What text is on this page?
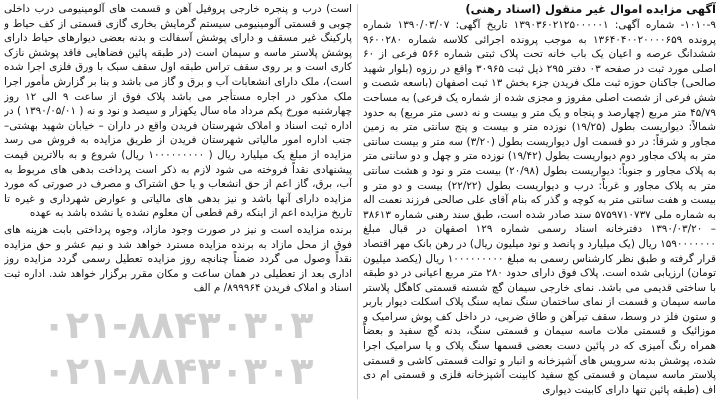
آگهی مزایده اموال غیر منقول (اسناد رهنی)

۱۰۱۰-۹- شماره آگهی: ۱۳۹۰۳۶۰۲۱۲۵۰۰۰۰۰۱ تاریخ آگهی: ۱۳۹۰/۰۳/۰۷ شماره پرونده ۱۳۶۴۰۴۰۰۲۰۰۰۰۶۵۹ به موجب پرونده اجرائی کلاسه شماره ۹۶۰۰۲۸۰ ششدانگ عرصه و اعیان یک باب خانه تحت پلاک ثبتی شماره ۵۶۶ فرعی از ۶۰ اصلی مورد ثبت در صفحه ۰۳ دفتر ۲۹۵ ذیل ثبت ۳۰۹۶۵ واقع در رزوه (بلوار شهید صالحی) جاکنان حوزه ثبت ملک فریدن جزء بخش ۱۳ ثبت اصفهان (باسعه شصت و شش فرعی از شصت اصلی مفروز و مجزی شده از شماره یک فرعی) به مساحت ۴۵/۷۹ متر مربع (چهارصد و پنجاه و یک متر و بیست و نه دسی متر مربع) به حدود شمالاً: دیواریست بطول (۱۹/۲۵) نوزده متر و بیست و پنج سانتی متر به زمین مجاور و شرقاً: در دو قسمت اول دیواریست بطول (۳/۲۰) سه متر و بیست سانتی متر به پلاک مجاور دوم دیواریست بطول (۱۹/۴۲) نوزده متر و چهل و دو سانتی متر به پلاک مجاور و جنوباً: دیواریست بطول (۲۰/۹۸) بیست متر و نود و هشت سانتی متر به پلاک مجاور و غرباً: درب و دیواریست بطول (۲۲/۲۲) بیست و دو متر و بیست و هفت سانتی متر به کوچه و گذر که بنام آقای علی صالحی فرزند نعمت اله به شماره ملی ۵۷۵۹۷۱۰۷۳۷ سند صادر شده است، طبق سند رهنی شماره ۳۸۶۱۳ – ۱۳۹۰/۰۳/۲۰ دفترخانه اسناد رسمی شماره ۱۲۹ اصفهان در قبال مبلغ ۱۵۹۰۰۰۰۰۰۰ ریال (یک میلیارد و پانصد و نود میلیون ریال) در رهن بانک مهر اقتصاد قرار گرفته و طبق نظر کارشناس رسمی به مبلغ ۱۰۰۰۰۰۰۰۰۰ ریال (یکصد میلیون تومان) ارزیابی شده است. پلاک فوق دارای حدود ۲۸۰ متر مربع اعیانی در دو طبقه با ساختی قدیمی می باشد. نمای خارجی سیمان گچ شسته قسمتی کاهگل پلاستر ماسه سیمان و قسمت از نمای ساختمان سنگ نمایه سنگ پلاک اسکلت دیوار باربر و ستون فلز در وسط، سقف تیرآهن و طاق ضربی، در داخل کف پوش سرامیک و موزائیک و قسمتی ملات ماسه سیمان و قسمتی سنگ، بدنه گچ سفید و بعضاً همراه رنگ آمیزی که در پائین دست بعضی قسمها سنگ پلاک و یا سرامیک اجرا شده، پوشش بدنه سرویس های آشپزخانه و انبار و توالت قسمتی کاشی و قسمتی پلاستر ماسه سیمان و قسمتی کچ سفید کابینت آشپزخانه فلزی و قسمتی ام دی اف (طبقه پائین تنها دارای کابینت دیواری

است) درب و پنجره خارجی پروفیل آهن و قسمت های آلومینیومی درب داخلی چوبی و قسمتی آلومینیومی سیستم گرمایش بخاری گازی قسمتی از کف حیاط و پارکینگ غیر مسقف و دارای پوشش آسفالت و بدنه بعضی دیوارهای حیاط دارای پوشش پلاستر ماسه و سیمان است (در طبقه پائین فضاهایی فاقد پوشش نازک کاری است و بر روی سقف تراس طبقه اول سقف سبک با ورق فلزی اجرا شده است)، ملک دارای انشعابات آب و برق و گاز می باشد و بنا بر گزارش مأمور اجرا ملک مذکور در اجاره مستأجر می باشد پلاک فوق از ساعت ۹ الی ۱۲ روز چهارشنبه مورخ پکم مرداد ماه سال یکهزار و سیصد و نود و نه ( ۱۳۹۰/۰۵/۰۱ ) در اداره ثبت اسناد و املاک شهرستان فریدن واقع در داران – خیابان شهید بهشتی–جنب اداره امور مالیاتی شهرستان فریدن از طریق مزایده به فروش می رسد مزایده از مبلغ یک میلیارد ریال ( ۱۰۰۰۰۰۰۰۰۰ ریال) شروع و به بالاترین قیمت پیشنهادی نقداً فروخته می شود لازم به ذکر است پرداخت بدهی های مربوط به آب، برق، گاز اعم از حق انشعاب و یا حق اشتراک و مصرف در صورتی که مورد مزایده دارای آنها باشد و نیز بدهی های مالیاتی و عوارض شهرداری و غیره تا تاریخ مزایده اعم از اینکه رقم قطعی آن معلوم نشده یا نشده باشد به عهده

برنده مزایده است و نیز در صورت وجود مازاد، وجوه پرداختی بابت هزینه های فوق از محل مازاد به برنده مزایده مسترد خواهد شد و نیم عشر و حق مزایده نقداً وصول می گردد ضمناً چنانچه روز مزایده تعطیل رسمی گردد مزایده روز اداری بعد از تعطیلی در همان ساعت و مکان مقرر برگزار خواهد شد. اداره ثبت اسناد و املاک فریدن ۸۹۹۹۶۴/ م الف

۰۲۱-۸۸۴۳۰۳۰۳
۰۲۱-۸۸۴۳۰۳۰۳
